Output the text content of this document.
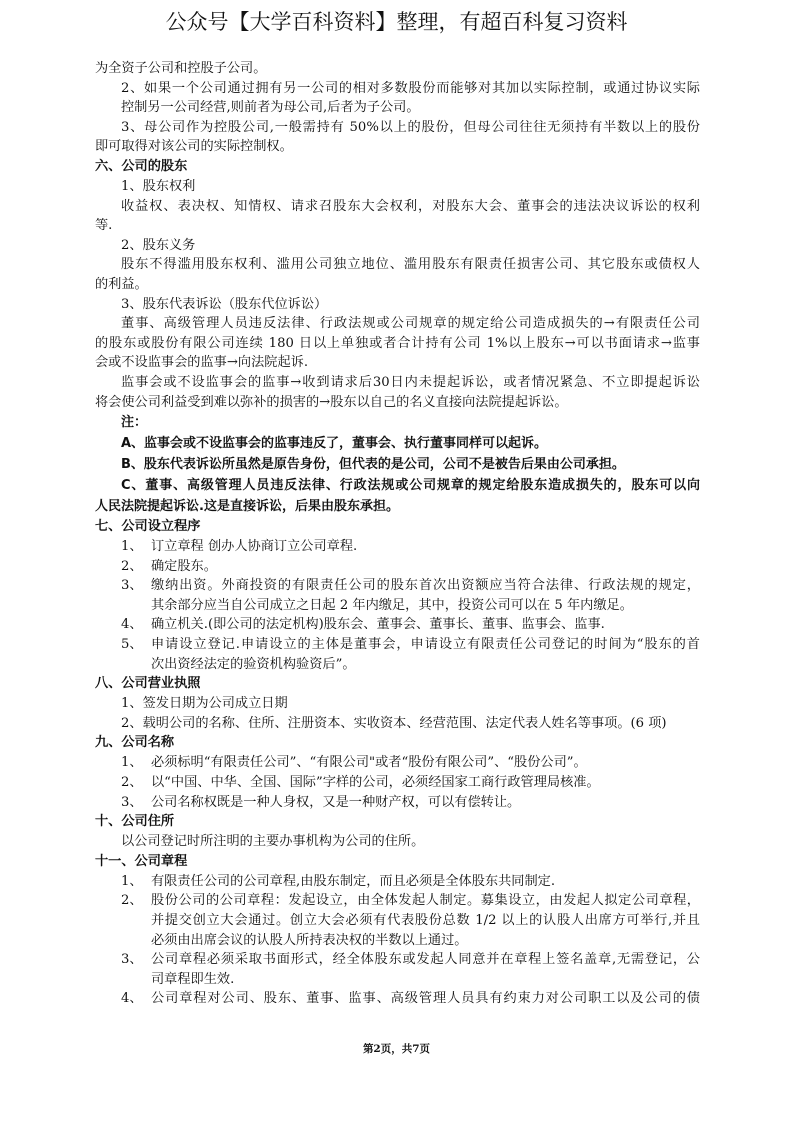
公众号【大学百科资料】整理，有超百科复习资料
为全资子公司和控股子公司。
2、如果一个公司通过拥有另一公司的相对多数股份而能够对其加以实际控制，或通过协议实际
控制另一公司经营,则前者为母公司,后者为子公司。
3、母公司作为控股公司,一般需持有 50%以上的股份，但母公司往往无须持有半数以上的股份
即可取得对该公司的实际控制权。
六、公司的股东
1、股东权利
收益权、表决权、知情权、请求召股东大会权利，对股东大会、董事会的违法决议诉讼的权利
等.
2、股东义务
股东不得滥用股东权利、滥用公司独立地位、滥用股东有限责任损害公司、其它股东或债权人
的利益。
3、股东代表诉讼（股东代位诉讼）
董事、高级管理人员违反法律、行政法规或公司规章的规定给公司造成损失的→有限责任公司
的股东或股份有限公司连续 180 日以上单独或者合计持有公司 1%以上股东→可以书面请求→监事
会或不设监事会的监事→向法院起诉.
监事会或不设监事会的监事→收到请求后30日内未提起诉讼，或者情况紧急、不立即提起诉讼
将会使公司利益受到难以弥补的损害的→股东以自己的名义直接向法院提起诉讼。
注：
A、监事会或不设监事会的监事违反了，董事会、执行董事同样可以起诉。
B、股东代表诉讼所虽然是原告身份，但代表的是公司，公司不是被告后果由公司承担。
C、董事、高级管理人员违反法律、行政法规或公司规章的规定给股东造成损失的，股东可以向
人民法院提起诉讼.这是直接诉讼，后果由股东承担。
七、公司设立程序
1、 订立章程 创办人协商订立公司章程.
2、 确定股东。
3、 缴纳出资。外商投资的有限责任公司的股东首次出资额应当符合法律、行政法规的规定，
其余部分应当自公司成立之日起 2 年内缴足，其中，投资公司可以在 5 年内缴足。
4、 确立机关.(即公司的法定机构)股东会、董事会、董事长、董事、监事会、监事.
5、 申请设立登记.申请设立的主体是董事会，申请设立有限责任公司登记的时间为“股东的首
次出资经法定的验资机构验资后”。
八、公司营业执照
1、签发日期为公司成立日期
2、载明公司的名称、住所、注册资本、实收资本、经营范围、法定代表人姓名等事项。(6 项)
九、公司名称
1、 必须标明“有限责任公司”、“有限公司"或者“股份有限公司”、“股份公司”。
2、 以“中国、中华、全国、国际”字样的公司，必须经国家工商行政管理局核准。
3、 公司名称权既是一种人身权，又是一种财产权，可以有偿转让。
十、公司住所
以公司登记时所注明的主要办事机构为公司的住所。
十一、公司章程
1、 有限责任公司的公司章程,由股东制定，而且必须是全体股东共同制定.
2、 股份公司的公司章程：发起设立，由全体发起人制定。募集设立，由发起人拟定公司章程，
并提交创立大会通过。创立大会必须有代表股份总数 1/2 以上的认股人出席方可举行,并且
必须由出席会议的认股人所持表决权的半数以上通过。
3、 公司章程必须采取书面形式，经全体股东或发起人同意并在章程上签名盖章,无需登记，公
司章程即生效.
4、 公司章程对公司、股东、董事、监事、高级管理人员具有约束力对公司职工以及公司的债
第2页，共7页
